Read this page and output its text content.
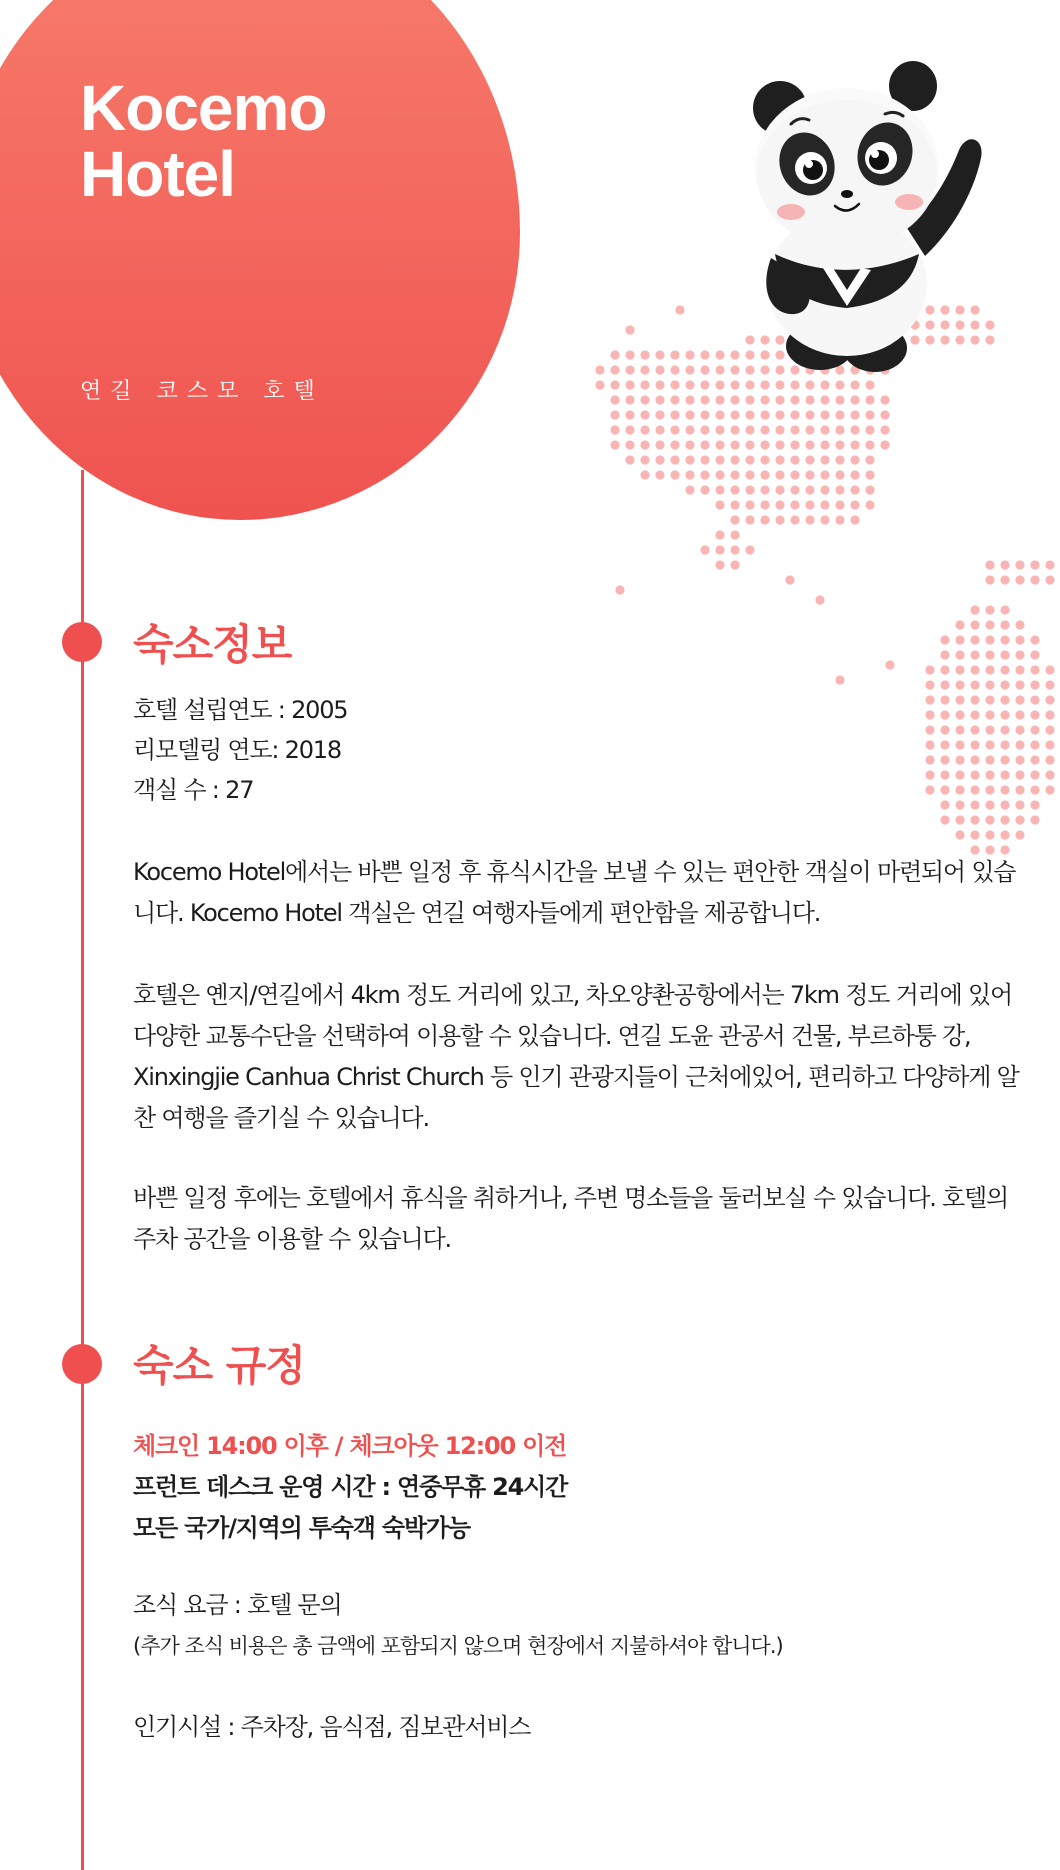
Kocemo Hotel
연길 코스모 호텔
숙소정보

호텔 설립연도 : 2005

리모델링 연도: 2018

객실 수 : 27

Kocemo Hotel에서는 바쁜 일정 후 휴식시간을 보낼 수 있는 편안한 객실이 마련되어 있습니다. Kocemo Hotel 객실은 연길 여행자들에게 편안함을 제공합니다.

호텔은 옌지/연길에서 4km 정도 거리에 있고, 차오양촨공항에서는 7km 정도 거리에 있어 다양한 교통수단을 선택하여 이용할 수 있습니다. 연길 도윤 관공서 건물, 부르하퉁 강, Xinxingjie Canhua Christ Church 등 인기 관광지들이 근처에있어, 편리하고 다양하게 알찬 여행을 즐기실 수 있습니다.

바쁜 일정 후에는 호텔에서 휴식을 취하거나, 주변 명소들을 둘러보실 수 있습니다. 호텔의 주차 공간을 이용할 수 있습니다.

숙소 규정

체크인 14:00 이후 / 체크아웃 12:00 이전

프런트 데스크 운영 시간 : 연중무휴 24시간

모든 국가/지역의 투숙객 숙박가능

조식 요금 : 호텔 문의

(추가 조식 비용은 총 금액에 포함되지 않으며 현장에서 지불하셔야 합니다.)

인기시설 : 주차장, 음식점, 짐보관서비스
